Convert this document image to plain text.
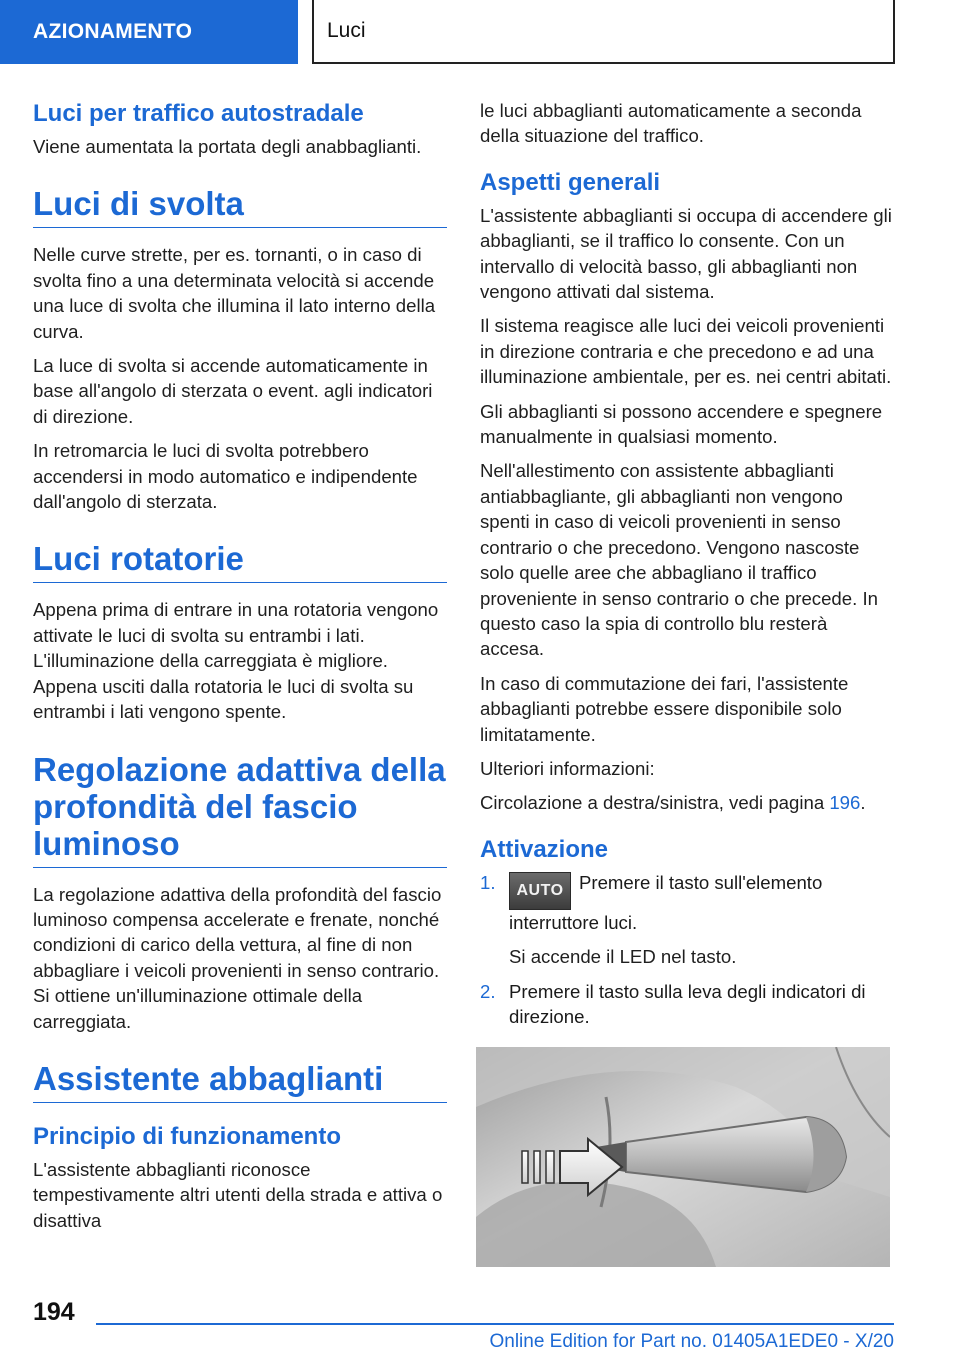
AZIONAMENTO	Luci
Luci per traffico autostradale

Viene aumentata la portata degli anabbaglianti.

Luci di svolta

Nelle curve strette, per es. tornanti, o in caso di svolta fino a una determinata velocità si accende una luce di svolta che illumina il lato interno della curva.

La luce di svolta si accende automaticamente in base all'angolo di sterzata o event. agli indicatori di direzione.

In retromarcia le luci di svolta potrebbero accendersi in modo automatico e indipendente dall'angolo di sterzata.

Luci rotatorie

Appena prima di entrare in una rotatoria vengono attivate le luci di svolta su entrambi i lati. L'illuminazione della carreggiata è migliore. Appena usciti dalla rotatoria le luci di svolta su entrambi i lati vengono spente.

Regolazione adattiva della profondità del fascio luminoso

La regolazione adattiva della profondità del fascio luminoso compensa accelerate e frenate, nonché condizioni di carico della vettura, al fine di non abbagliare i veicoli provenienti in senso contrario. Si ottiene un'illuminazione ottimale della carreggiata.

Assistente abbaglianti
Principio di funzionamento

L'assistente abbaglianti riconosce tempestivamente altri utenti della strada e attiva o disattiva

le luci abbaglianti automaticamente a seconda della situazione del traffico.

Aspetti generali

L'assistente abbaglianti si occupa di accendere gli abbaglianti, se il traffico lo consente. Con un intervallo di velocità basso, gli abbaglianti non vengono attivati dal sistema.

Il sistema reagisce alle luci dei veicoli provenienti in direzione contraria e che precedono e ad una illuminazione ambientale, per es. nei centri abitati.

Gli abbaglianti si possono accendere e spegnere manualmente in qualsiasi momento.

Nell'allestimento con assistente abbaglianti antiabbagliante, gli abbaglianti non vengono spenti in caso di veicoli provenienti in senso contrario o che precedono. Vengono nascoste solo quelle aree che abbagliano il traffico proveniente in senso contrario o che precede. In questo caso la spia di controllo blu resterà accesa.

In caso di commutazione dei fari, l'assistente abbaglianti potrebbe essere disponibile solo limitatamente.

Ulteriori informazioni:

Circolazione a destra/sinistra, vedi pagina 196.

Attivazione
1. AUTO Premere il tasto sull'elemento interruttore luci.

Si accende il LED nel tasto.

2. Premere il tasto sulla leva degli indicatori di direzione.
194
Online Edition for Part no. 01405A1EDE0 - X/20
